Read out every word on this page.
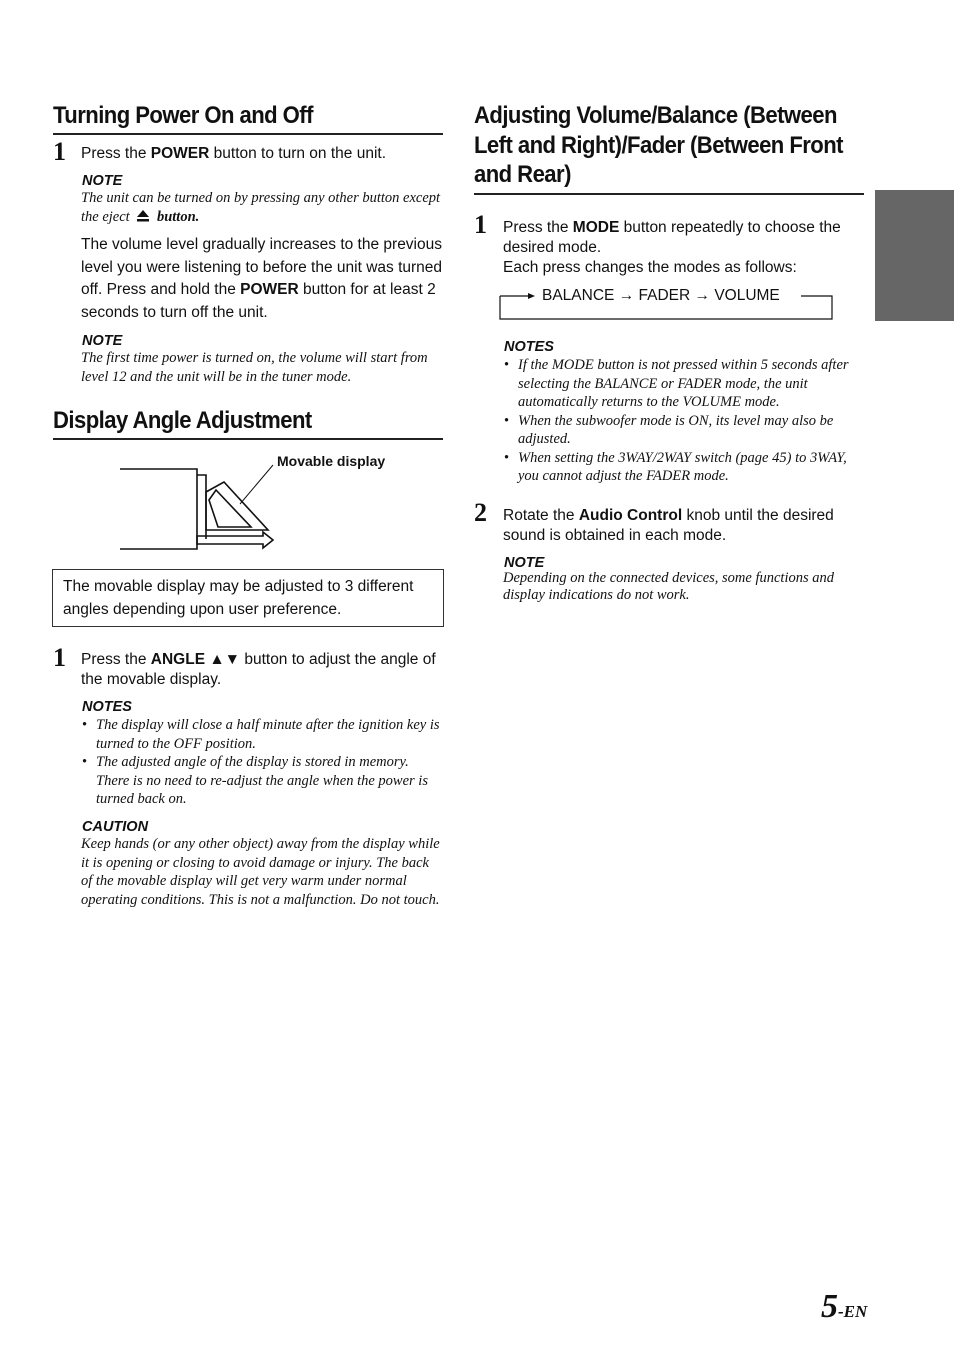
Turning Power On and Off
1 Press the POWER button to turn on the unit.
NOTE
The unit can be turned on by pressing any other button except the eject  button.
The volume level gradually increases to the previous level you were listening to before the unit was turned off. Press and hold the POWER button for at least 2 seconds to turn off the unit.
NOTE
The first time power is turned on, the volume will start from level 12 and the unit will be in the tuner mode.
Display Angle Adjustment
Movable display
The movable display may be adjusted to 3 different angles depending upon user preference.
1 Press the ANGLE ▲▼ button to adjust the angle of the movable display.
NOTES
• The display will close a half minute after the ignition key is turned to the OFF position.
• The adjusted angle of the display is stored in memory. There is no need to re-adjust the angle when the power is turned back on.
CAUTION
Keep hands (or any other object) away from the display while it is opening or closing to avoid damage or injury. The back of the movable display will get very warm under normal operating conditions. This is not a malfunction. Do not touch.
Adjusting Volume/Balance (Between Left and Right)/Fader (Between Front and Rear)
1 Press the MODE button repeatedly to choose the desired mode.
Each press changes the modes as follows:
BALANCE → FADER → VOLUME
NOTES
• If the MODE button is not pressed within 5 seconds after selecting the BALANCE or FADER mode, the unit automatically returns to the VOLUME mode.
• When the subwoofer mode is ON, its level may also be adjusted.
• When setting the 3WAY/2WAY switch (page 45) to 3WAY, you cannot adjust the FADER mode.
2 Rotate the Audio Control knob until the desired sound is obtained in each mode.
NOTE
Depending on the connected devices, some functions and display indications do not work.
5-EN
